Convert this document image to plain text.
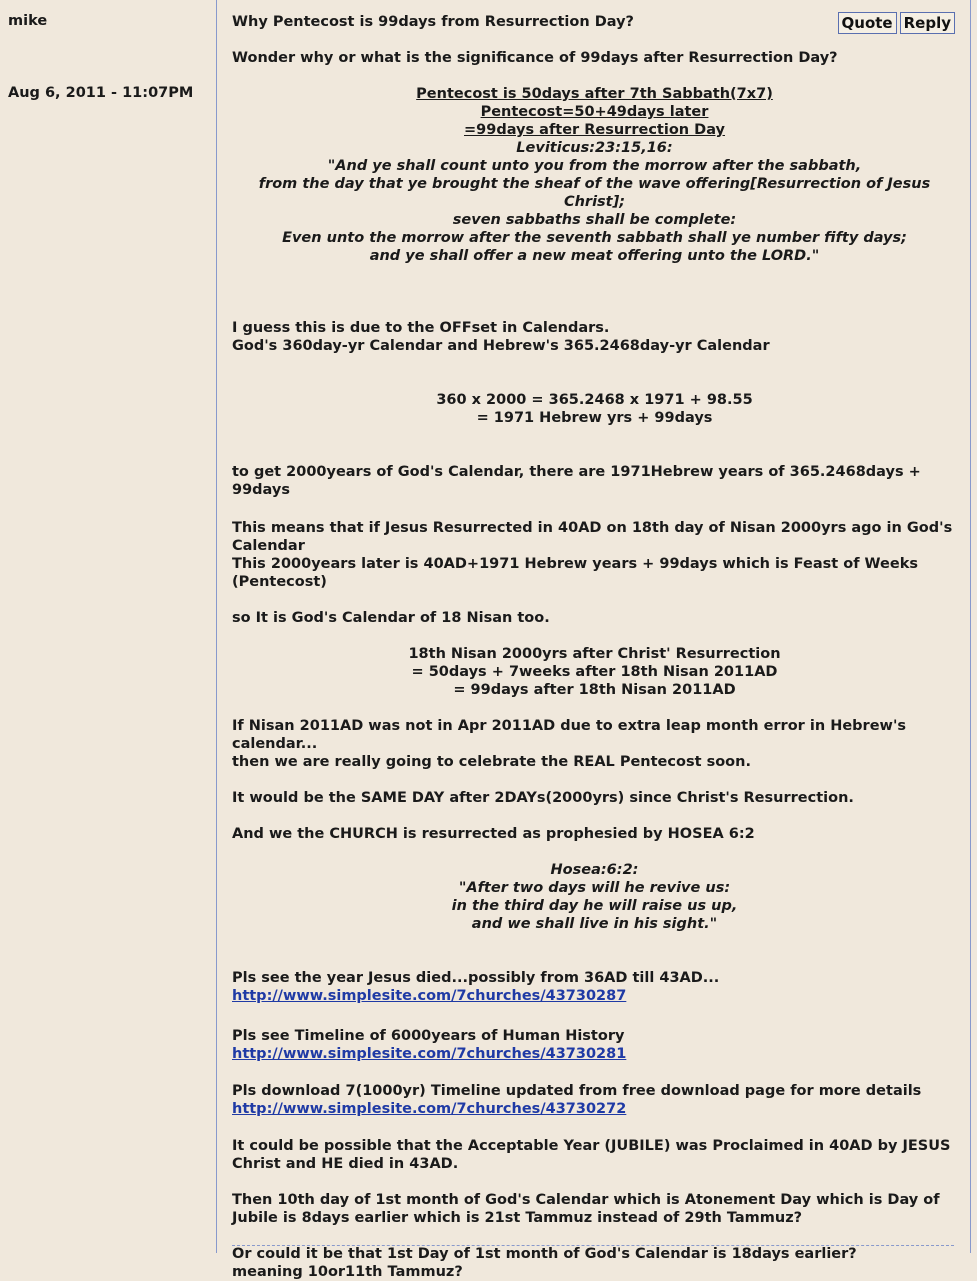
mike
Aug 6, 2011 - 11:07PM
Quote Reply
Why Pentecost is 99days from Resurrection Day?
Wonder why or what is the significance of 99days after Resurrection Day?
Pentecost is 50days after 7th Sabbath(7x7)
Pentecost=50+49days later
=99days after Resurrection Day
Leviticus:23:15,16:
"And ye shall count unto you from the morrow after the sabbath,
from the day that ye brought the sheaf of the wave offering[Resurrection of Jesus Christ];
seven sabbaths shall be complete:
Even unto the morrow after the seventh sabbath shall ye number fifty days;
and ye shall offer a new meat offering unto the LORD."
I guess this is due to the OFFset in Calendars.
God's 360day-yr Calendar and Hebrew's 365.2468day-yr Calendar
360 x 2000 = 365.2468 x 1971 + 98.55
= 1971 Hebrew yrs + 99days
to get 2000years of God's Calendar, there are 1971Hebrew years of 365.2468days + 99days
This means that if Jesus Resurrected in 40AD on 18th day of Nisan 2000yrs ago in God's Calendar
This 2000years later is 40AD+1971 Hebrew years + 99days which is Feast of Weeks (Pentecost)
so It is God's Calendar of 18 Nisan too.
18th Nisan 2000yrs after Christ' Resurrection
= 50days + 7weeks after 18th Nisan 2011AD
= 99days after 18th Nisan 2011AD
If Nisan 2011AD was not in Apr 2011AD due to extra leap month error in Hebrew's calendar...
then we are really going to celebrate the REAL Pentecost soon.
It would be the SAME DAY after 2DAYs(2000yrs) since Christ's Resurrection.
And we the CHURCH is resurrected as prophesied by HOSEA 6:2
Hosea:6:2:
"After two days will he revive us:
in the third day he will raise us up,
and we shall live in his sight."
Pls see the year Jesus died...possibly from 36AD till 43AD...
http://www.simplesite.com/7churches/43730287
Pls see Timeline of 6000years of Human History
http://www.simplesite.com/7churches/43730281
Pls download 7(1000yr) Timeline updated from free download page for more details
http://www.simplesite.com/7churches/43730272
It could be possible that the Acceptable Year (JUBILE) was Proclaimed in 40AD by JESUS Christ and HE died in 43AD.
Then 10th day of 1st month of God's Calendar which is Atonement Day which is Day of Jubile is 8days earlier which is 21st Tammuz instead of 29th Tammuz?
Or could it be that 1st Day of 1st month of God's Calendar is 18days earlier?
meaning 10or11th Tammuz?
